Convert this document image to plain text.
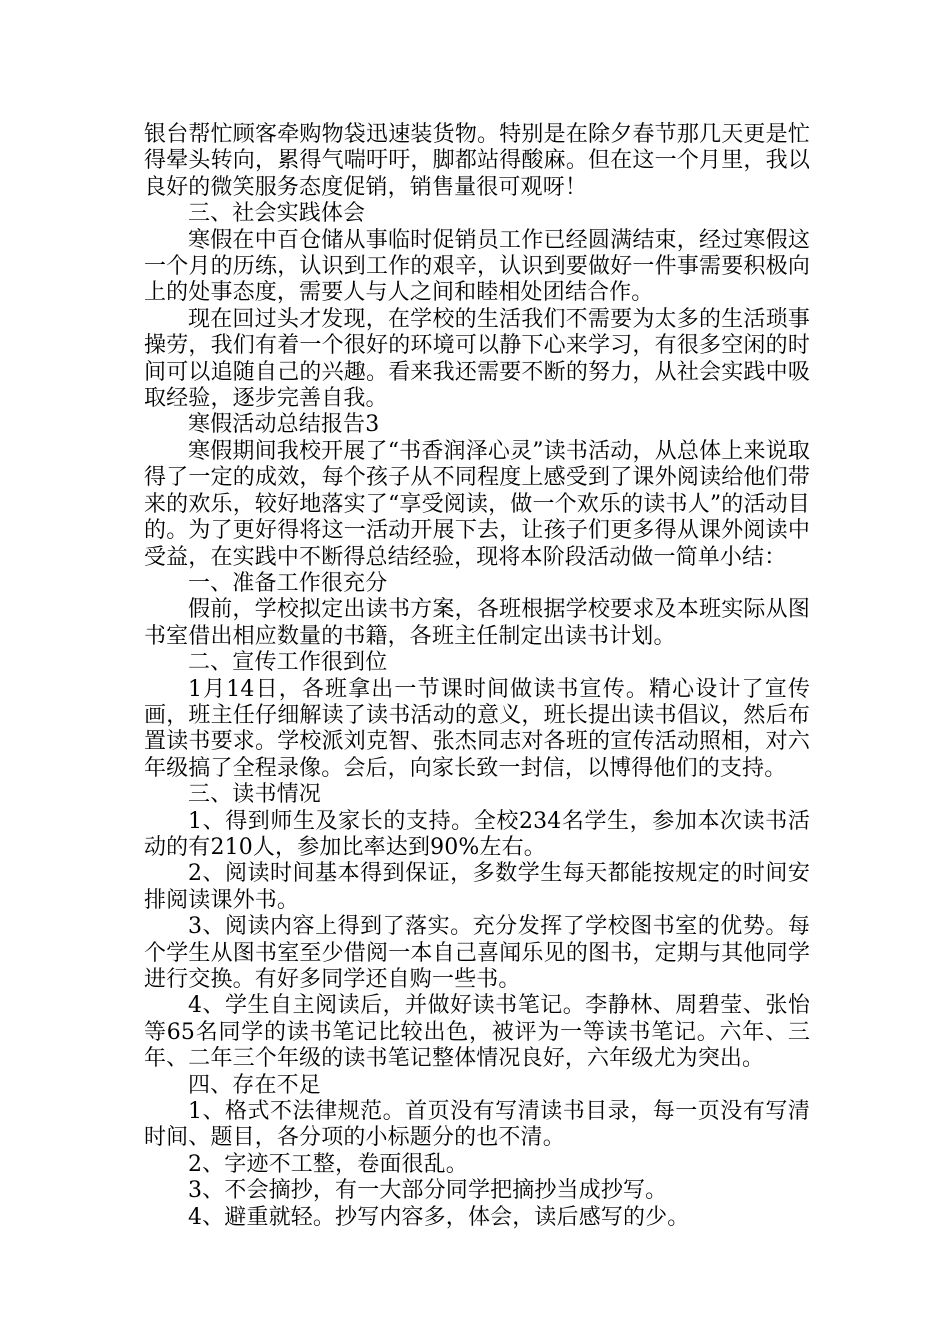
银台帮忙顾客牵购物袋迅速装货物。特别是在除夕春节那几天更是忙得晕头转向，累得气喘吁吁，脚都站得酸麻。但在这一个月里，我以良好的微笑服务态度促销，销售量很可观呀！

三、社会实践体会

寒假在中百仓储从事临时促销员工作已经圆满结束，经过寒假这一个月的历练，认识到工作的艰辛，认识到要做好一件事需要积极向上的处事态度，需要人与人之间和睦相处团结合作。

现在回过头才发现，在学校的生活我们不需要为太多的生活琐事操劳，我们有着一个很好的环境可以静下心来学习，有很多空闲的时间可以追随自己的兴趣。看来我还需要不断的努力，从社会实践中吸取经验，逐步完善自我。

寒假活动总结报告3

寒假期间我校开展了“书香润泽心灵”读书活动，从总体上来说取得了一定的成效，每个孩子从不同程度上感受到了课外阅读给他们带来的欢乐，较好地落实了“享受阅读，做一个欢乐的读书人”的活动目的。为了更好得将这一活动开展下去，让孩子们更多得从课外阅读中受益，在实践中不断得总结经验，现将本阶段活动做一简单小结：

一、准备工作很充分

假前，学校拟定出读书方案，各班根据学校要求及本班实际从图书室借出相应数量的书籍，各班主任制定出读书计划。

二、宣传工作很到位

1月14日，各班拿出一节课时间做读书宣传。精心设计了宣传画，班主任仔细解读了读书活动的意义，班长提出读书倡议，然后布置读书要求。学校派刘克智、张杰同志对各班的宣传活动照相，对六年级搞了全程录像。会后，向家长致一封信，以博得他们的支持。

三、读书情况

1、得到师生及家长的支持。全校234名学生，参加本次读书活动的有210人，参加比率达到90%左右。

2、阅读时间基本得到保证，多数学生每天都能按规定的时间安排阅读课外书。

3、阅读内容上得到了落实。充分发挥了学校图书室的优势。每个学生从图书室至少借阅一本自己喜闻乐见的图书，定期与其他同学进行交换。有好多同学还自购一些书。

4、学生自主阅读后，并做好读书笔记。李静林、周碧莹、张怡等65名同学的读书笔记比较出色，被评为一等读书笔记。六年、三年、二年三个年级的读书笔记整体情况良好，六年级尤为突出。

四、存在不足

1、格式不法律规范。首页没有写清读书目录，每一页没有写清时间、题目，各分项的小标题分的也不清。

2、字迹不工整，卷面很乱。

3、不会摘抄，有一大部分同学把摘抄当成抄写。

4、避重就轻。抄写内容多，体会，读后感写的少。
